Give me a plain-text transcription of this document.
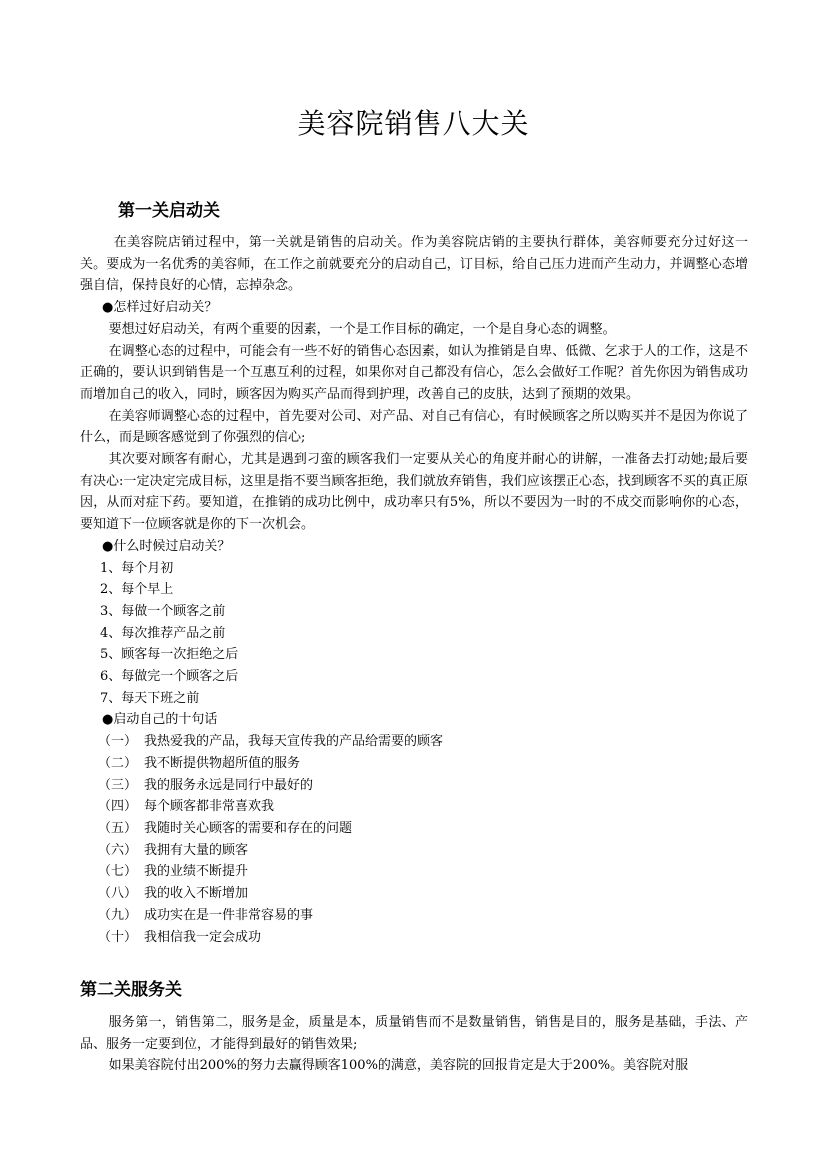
美容院销售八大关
第一关启动关

在美容院店销过程中，第一关就是销售的启动关。作为美容院店销的主要执行群体，美容师要充分过好这一关。要成为一名优秀的美容师，在工作之前就要充分的启动自己，订目标，给自己压力进而产生动力，并调整心态增强自信，保持良好的心情，忘掉杂念。

●怎样过好启动关？

要想过好启动关，有两个重要的因素，一个是工作目标的确定，一个是自身心态的调整。

在调整心态的过程中，可能会有一些不好的销售心态因素，如认为推销是自卑、低微、乞求于人的工作，这是不正确的，要认识到销售是一个互惠互利的过程，如果你对自己都没有信心，怎么会做好工作呢？首先你因为销售成功而增加自己的收入，同时，顾客因为购买产品而得到护理，改善自己的皮肤，达到了预期的效果。

在美容师调整心态的过程中，首先要对公司、对产品、对自己有信心，有时候顾客之所以购买并不是因为你说了什么，而是顾客感觉到了你强烈的信心;

其次要对顾客有耐心，尤其是遇到刁蛮的顾客我们一定要从关心的角度并耐心的讲解，一准备去打动她;最后要有决心:一定决定完成目标，这里是指不要当顾客拒绝，我们就放弃销售，我们应该摆正心态，找到顾客不买的真正原因，从而对症下药。要知道，在推销的成功比例中，成功率只有5%，所以不要因为一时的不成交而影响你的心态，要知道下一位顾客就是你的下一次机会。

●什么时候过启动关？

1、每个月初

2、每个早上

3、每做一个顾客之前

4、每次推荐产品之前

5、顾客每一次拒绝之后

6、每做完一个顾客之后

7、每天下班之前

●启动自己的十句话

（一） 我热爱我的产品，我每天宣传我的产品给需要的顾客
（二） 我不断提供物超所值的服务
（三） 我的服务永远是同行中最好的
（四） 每个顾客都非常喜欢我
（五） 我随时关心顾客的需要和存在的问题
（六） 我拥有大量的顾客
（七） 我的业绩不断提升
（八） 我的收入不断增加
（九） 成功实在是一件非常容易的事
（十） 我相信我一定会成功
第二关服务关

服务第一，销售第二，服务是金，质量是本，质量销售而不是数量销售，销售是目的，服务是基础，手法、产品、服务一定要到位，才能得到最好的销售效果;

如果美容院付出200%的努力去赢得顾客100%的满意，美容院的回报肯定是大于200%。美容院对服
